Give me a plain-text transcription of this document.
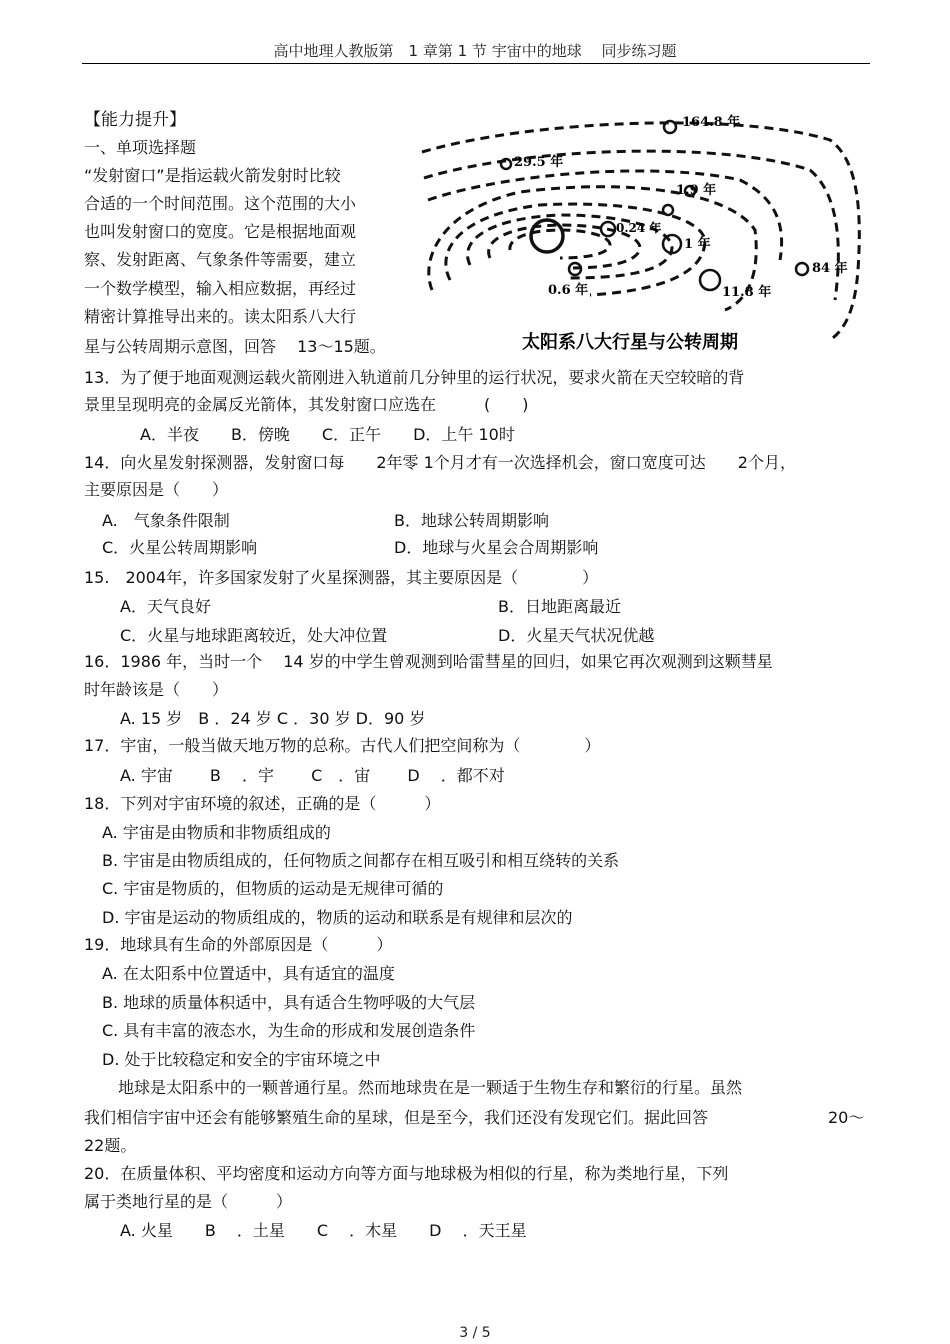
高中地理人教版第　1 章第 1 节 宇宙中的地球　 同步练习题
【能力提升】
一、单项选择题
“发射窗口”是指运载火箭发射时比较
合适的一个时间范围。这个范围的大小
也叫发射窗口的宽度。它是根据地面观
察、发射距离、气象条件等需要，建立
一个数学模型，输入相应数据，再经过
精密计算推导出来的。读太阳系八大行
星与公转周期示意图，回答　 13～15题。
164.8 年
29.5 年
1.9 年
0.24 年
1 年
84 年
0.6 年	11.8 年
太阳系八大行星与公转周期
13．为了便于地面观测运载火箭刚进入轨道前几分钟里的运行状况，要求火箭在天空较暗的背
景里呈现明亮的金属反光箭体，其发射窗口应选在　　　(　　)
A．半夜　　B．傍晚　　C．正午　　D．上午 10时
14．向火星发射探测器，发射窗口每　　2年零 1个月才有一次选择机会，窗口宽度可达　　2个月，
主要原因是（　　）
A.　气象条件限制	B．地球公转周期影响
C．火星公转周期影响	D．地球与火星会合周期影响
15.　2004年，许多国家发射了火星探测器，其主要原因是（　　　　）
A．天气良好	B．日地距离最近
C．火星与地球距离较近，处大冲位置	D．火星天气状况优越
16．1986 年，当时一个　 14 岁的中学生曾观测到哈雷彗星的回归，如果它再次观测到这颗彗星
时年龄该是（　　）
A. 15 岁　B ．24 岁 C ．30 岁 D．90 岁
17．宇宙，一般当做天地万物的总称。古代人们把空间称为（　　　　）
A. 宇宙　　 B　 ．宇　　 C　．宙　　 D　 ．都不对
18．下列对宇宙环境的叙述，正确的是（　　　）
A. 宇宙是由物质和非物质组成的
B. 宇宙是由物质组成的，任何物质之间都存在相互吸引和相互绕转的关系
C. 宇宙是物质的，但物质的运动是无规律可循的
D. 宇宙是运动的物质组成的，物质的运动和联系是有规律和层次的
19．地球具有生命的外部原因是（　　　）
A. 在太阳系中位置适中，具有适宜的温度
B. 地球的质量体积适中，具有适合生物呼吸的大气层
C. 具有丰富的液态水，为生命的形成和发展创造条件
D. 处于比较稳定和安全的宇宙环境之中
地球是太阳系中的一颗普通行星。然而地球贵在是一颗适于生物生存和繁衍的行星。虽然
我们相信宇宙中还会有能够繁殖生命的星球，但是至今，我们还没有发现它们。据此回答	20～
22题。
20．在质量体积、平均密度和运动方向等方面与地球极为相似的行星，称为类地行星，下列
属于类地行星的是（　　　）
A. 火星　　B　 ．土星　　C　 ．木星　　D　 ．天王星
3 / 5
